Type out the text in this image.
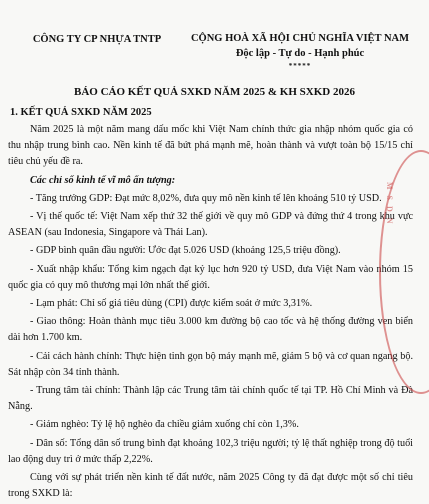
CÔNG TY CP NHỰA TNTP	CỘNG HOÀ XÃ HỘI CHỦ NGHĨA VIỆT NAM
Độc lập - Tự do - Hạnh phúc
*****
BÁO CÁO KẾT QUẢ SXKD NĂM 2025 & KH SXKD 2026
1. KẾT QUẢ SXKD NĂM 2025

Năm 2025 là một năm mang dấu mốc khi Việt Nam chính thức gia nhập nhóm quốc gia có thu nhập trung bình cao. Nền kinh tế đã bứt phá mạnh mẽ, hoàn thành và vượt toàn bộ 15/15 chỉ tiêu chủ yếu đề ra.

Các chỉ số kinh tế vĩ mô ấn tượng:

- Tăng trưởng GDP: Đạt mức 8,02%, đưa quy mô nền kinh tế lên khoảng 510 tỷ USD.

- Vị thế quốc tế: Việt Nam xếp thứ 32 thế giới về quy mô GDP và đứng thứ 4 trong khu vực ASEAN (sau Indonesia, Singapore và Thái Lan).

- GDP bình quân đầu người: Ước đạt 5.026 USD (khoảng 125,5 triệu đồng).

- Xuất nhập khẩu: Tổng kim ngạch đạt kỷ lục hơn 920 tỷ USD, đưa Việt Nam vào nhóm 15 quốc gia có quy mô thương mại lớn nhất thế giới.

- Lạm phát: Chỉ số giá tiêu dùng (CPI) được kiểm soát ở mức 3,31%.

- Giao thông: Hoàn thành mục tiêu 3.000 km đường bộ cao tốc và hệ thống đường ven biển dài hơn 1.700 km.

- Cải cách hành chính: Thực hiện tinh gọn bộ máy mạnh mẽ, giảm 5 bộ và cơ quan ngang bộ. Sát nhập còn 34 tỉnh thành.

- Trung tâm tài chính: Thành lập các Trung tâm tài chính quốc tế tại TP. Hồ Chí Minh và Đà Nẵng.

- Giảm nghèo: Tỷ lệ hộ nghèo đa chiều giảm xuống chỉ còn 1,3%.

- Dân số: Tổng dân số trung bình đạt khoảng 102,3 triệu người; tỷ lệ thất nghiệp trong độ tuổi lao động duy trì ở mức thấp 2,22%.

Cùng với sự phát triển nền kinh tế đất nước, năm 2025 Công ty đã đạt được một số chỉ tiêu trong SXKD là:

M S D N
